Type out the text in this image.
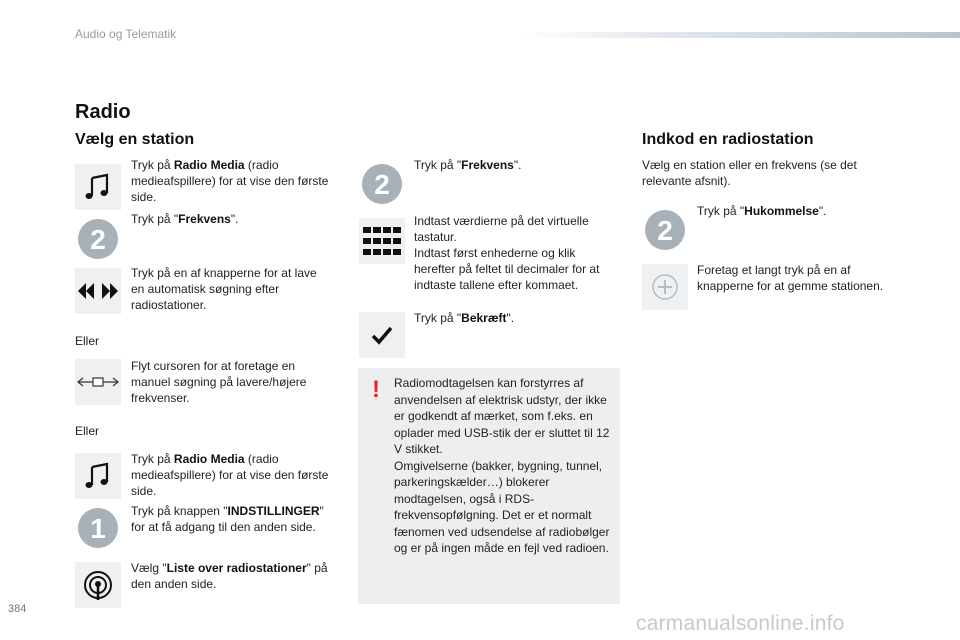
Audio og Telematik
Radio
Vælg en station
Tryk på Radio Media (radio medieafspillere) for at vise den første side.
2
Tryk på "Frekvens".
Tryk på en af knapperne for at lave en automatisk søgning efter radiostationer.
Eller
Flyt cursoren for at foretage en manuel søgning på lavere/højere frekvenser.
Eller
Tryk på Radio Media (radio medieafspillere) for at vise den første side.
1
Tryk på knappen "INDSTILLINGER" for at få adgang til den anden side.
Vælg "Liste over radiostationer" på den anden side.
2
Tryk på "Frekvens".
Indtast værdierne på det virtuelle tastatur.
Indtast først enhederne og klik herefter på feltet til decimaler for at indtaste tallene efter kommaet.
Tryk på "Bekræft".
! Radiomodtagelsen kan forstyrres af anvendelsen af elektrisk udstyr, der ikke er godkendt af mærket, som f.eks. en oplader med USB-stik der er sluttet til 12 V stikket.
Omgivelserne (bakker, bygning, tunnel, parkeringskælder…) blokerer modtagelsen, også i RDS-frekvensopfølgning. Det er et normalt fænomen ved udsendelse af radiobølger og er på ingen måde en fejl ved radioen.
Indkod en radiostation
Vælg en station eller en frekvens (se det relevante afsnit).
2
Tryk på "Hukommelse".
Foretag et langt tryk på en af knapperne for at gemme stationen.
384
carmanualsonline.info
